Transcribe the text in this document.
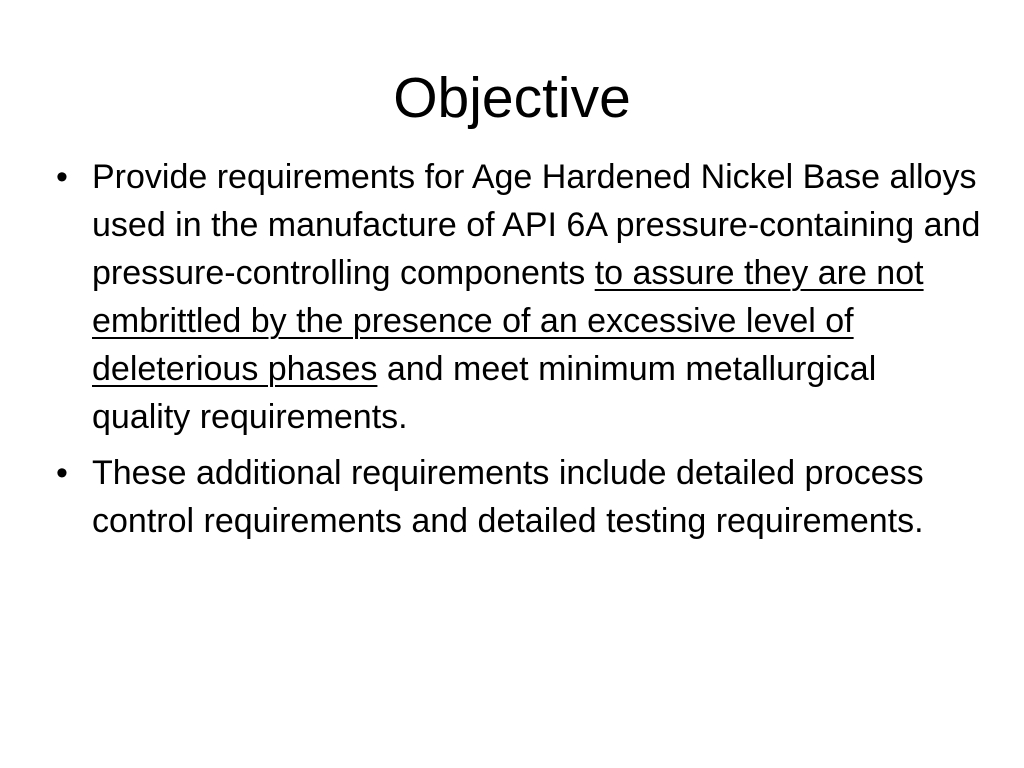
Objective
• Provide requirements for Age Hardened Nickel Base alloys used in the manufacture of API 6A pressure-containing and pressure-controlling components to assure they are not embrittled by the presence of an excessive level of deleterious phases and meet minimum metallurgical quality requirements.
• These additional requirements include detailed process control requirements and detailed testing requirements.
